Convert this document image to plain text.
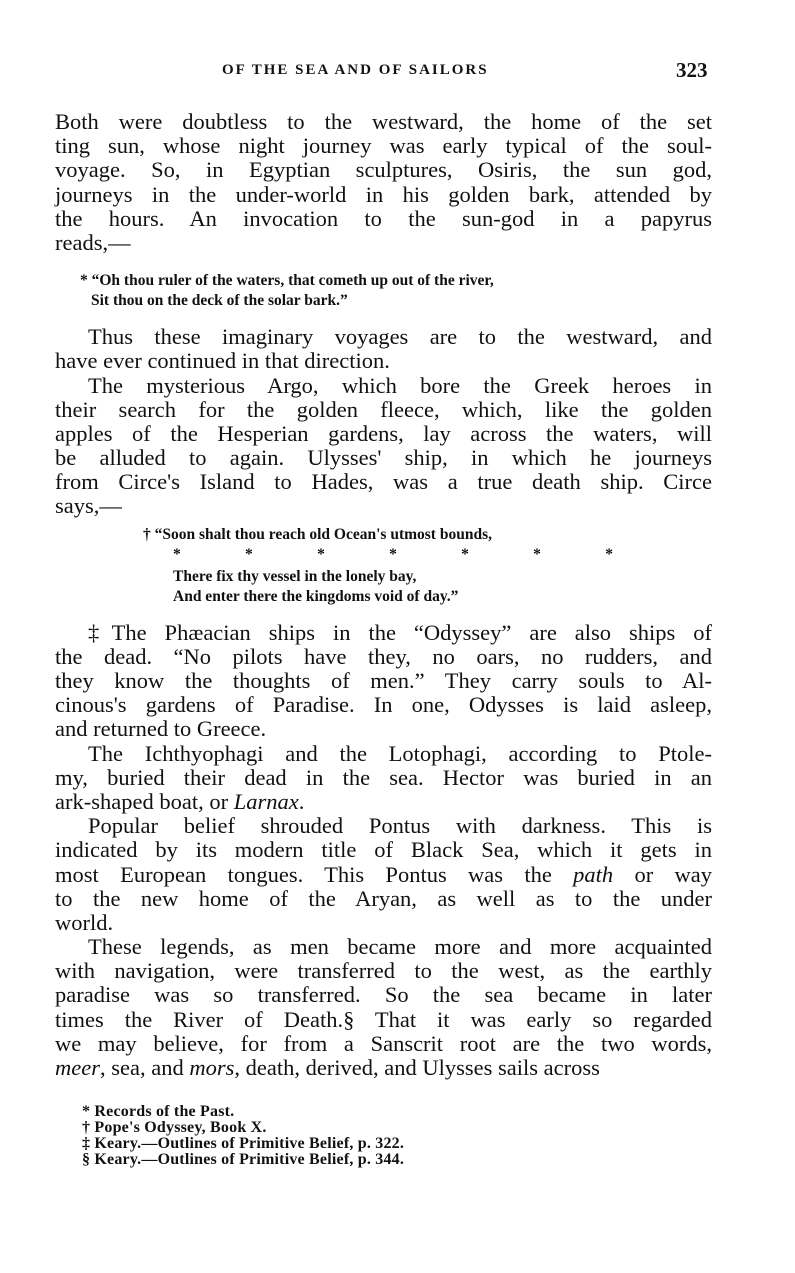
OF THE SEA AND OF SAILORS	323
Both were doubtless to the westward, the home of the set
ting sun, whose night journey was early typical of the soul-
voyage. So, in Egyptian sculptures, Osiris, the sun god,
journeys in the under-world in his golden bark, attended by
the hours. An invocation to the sun-god in a papyrus
reads,—
* “Oh thou ruler of the waters, that cometh up out of the river,
Sit thou on the deck of the solar bark.”
Thus these imaginary voyages are to the westward, and
have ever continued in that direction.
The mysterious Argo, which bore the Greek heroes in
their search for the golden fleece, which, like the golden
apples of the Hesperian gardens, lay across the waters, will
be alluded to again. Ulysses' ship, in which he journeys
from Circe's Island to Hades, was a true death ship. Circe
says,—
† “Soon shalt thou reach old Ocean's utmost bounds,
*	*	*	*	*	*	*
There fix thy vessel in the lonely bay,
And enter there the kingdoms void of day.”
‡The Phæacian ships in the “Odyssey” are also ships of
the dead. “No pilots have they, no oars, no rudders, and
they know the thoughts of men.” They carry souls to Al-
cinous's gardens of Paradise. In one, Odysses is laid asleep,
and returned to Greece.
The Ichthyophagi and the Lotophagi, according to Ptole-
my, buried their dead in the sea. Hector was buried in an
ark-shaped boat, or Larnax.
Popular belief shrouded Pontus with darkness. This is
indicated by its modern title of Black Sea, which it gets in
most European tongues. This Pontus was the path or way
to the new home of the Aryan, as well as to the under
world.
These legends, as men became more and more acquainted
with navigation, were transferred to the west, as the earthly
paradise was so transferred. So the sea became in later
times the River of Death.§ That it was early so regarded
we may believe, for from a Sanscrit root are the two words,
meer, sea, and mors, death, derived, and Ulysses sails across
* Records of the Past.
† Pope's Odyssey, Book X.
‡ Keary.—Outlines of Primitive Belief, p. 322.
§ Keary.—Outlines of Primitive Belief, p. 344.
